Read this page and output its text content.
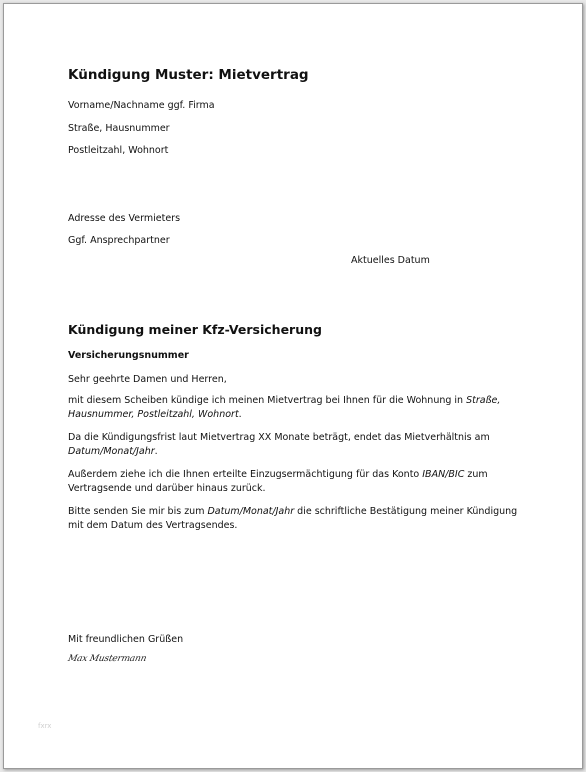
Kündigung Muster: Mietvertrag
Vorname/Nachname ggf. Firma
Straße, Hausnummer
Postleitzahl, Wohnort
Adresse des Vermieters
Ggf. Ansprechpartner
Aktuelles Datum
Kündigung meiner Kfz-Versicherung
Versicherungsnummer
Sehr geehrte Damen und Herren,
mit diesem Scheiben kündige ich meinen Mietvertrag bei Ihnen für die Wohnung in Straße, Hausnummer, Postleitzahl, Wohnort.
Da die Kündigungsfrist laut Mietvertrag XX Monate beträgt, endet das Mietverhältnis am Datum/Monat/Jahr.
Außerdem ziehe ich die Ihnen erteilte Einzugsermächtigung für das Konto IBAN/BIC zum Vertragsende und darüber hinaus zurück.
Bitte senden Sie mir bis zum Datum/Monat/Jahr die schriftliche Bestätigung meiner Kündigung mit dem Datum des Vertragsendes.
Mit freundlichen Grüßen
Max Mustermann
fxrx
